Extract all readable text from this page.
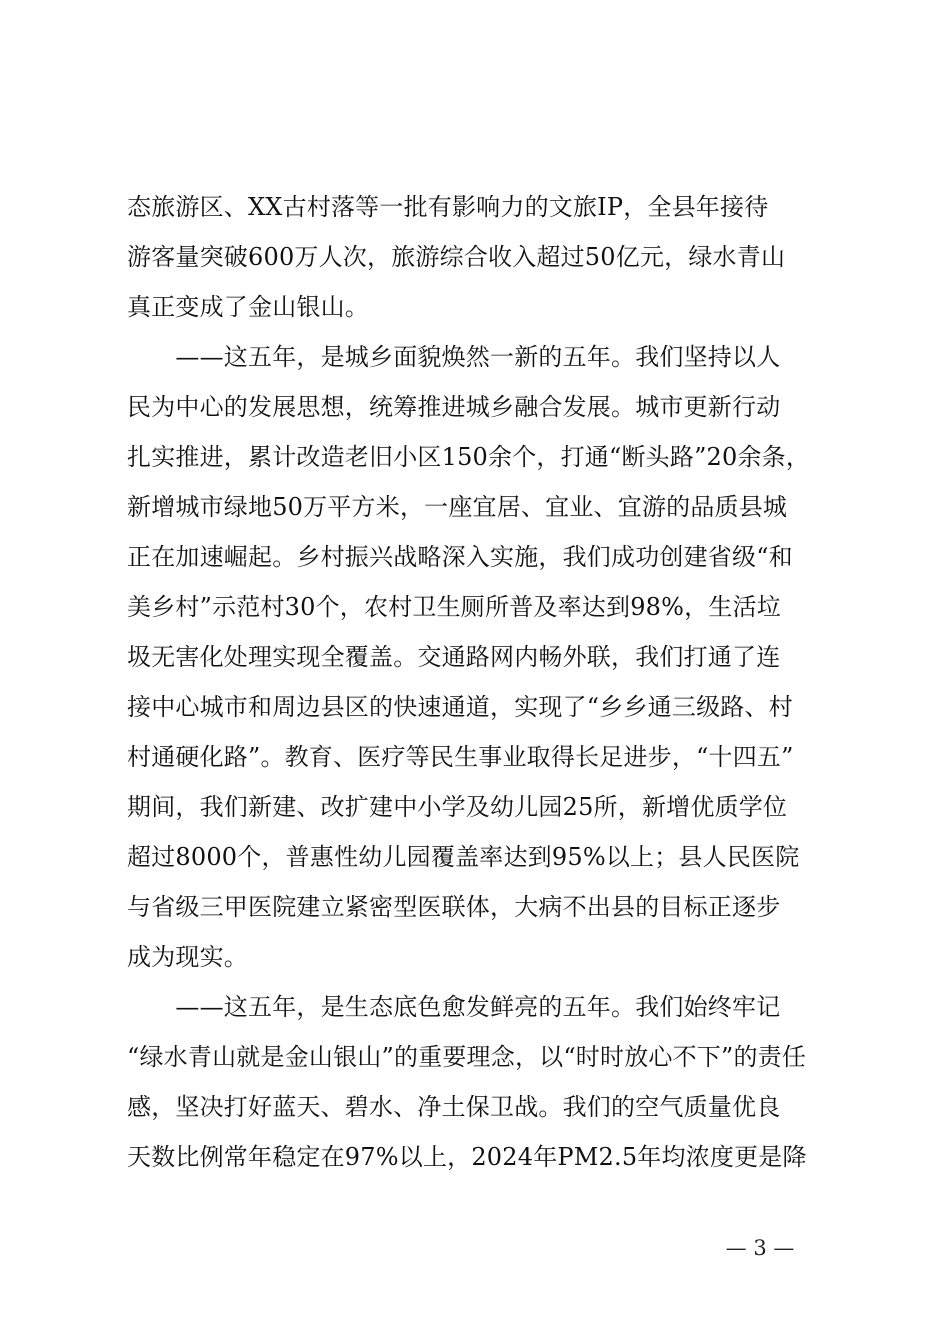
态旅游区、XX古村落等一批有影响力的文旅IP，全县年接待
游客量突破600万人次，旅游综合收入超过50亿元，绿水青山
真正变成了金山银山。
　　——这五年，是城乡面貌焕然一新的五年。我们坚持以人
民为中心的发展思想，统筹推进城乡融合发展。城市更新行动
扎实推进，累计改造老旧小区150余个，打通“断头路”20余条，
新增城市绿地50万平方米，一座宜居、宜业、宜游的品质县城
正在加速崛起。乡村振兴战略深入实施，我们成功创建省级“和
美乡村”示范村30个，农村卫生厕所普及率达到98%，生活垃
圾无害化处理实现全覆盖。交通路网内畅外联，我们打通了连
接中心城市和周边县区的快速通道，实现了“乡乡通三级路、村
村通硬化路”。教育、医疗等民生事业取得长足进步，“十四五”
期间，我们新建、改扩建中小学及幼儿园25所，新增优质学位
超过8000个，普惠性幼儿园覆盖率达到95%以上；县人民医院
与省级三甲医院建立紧密型医联体，大病不出县的目标正逐步
成为现实。
　　——这五年，是生态底色愈发鲜亮的五年。我们始终牢记
“绿水青山就是金山银山”的重要理念，以“时时放心不下”的责任
感，坚决打好蓝天、碧水、净土保卫战。我们的空气质量优良
天数比例常年稳定在97%以上，2024年PM2.5年均浓度更是降
— 3 —
